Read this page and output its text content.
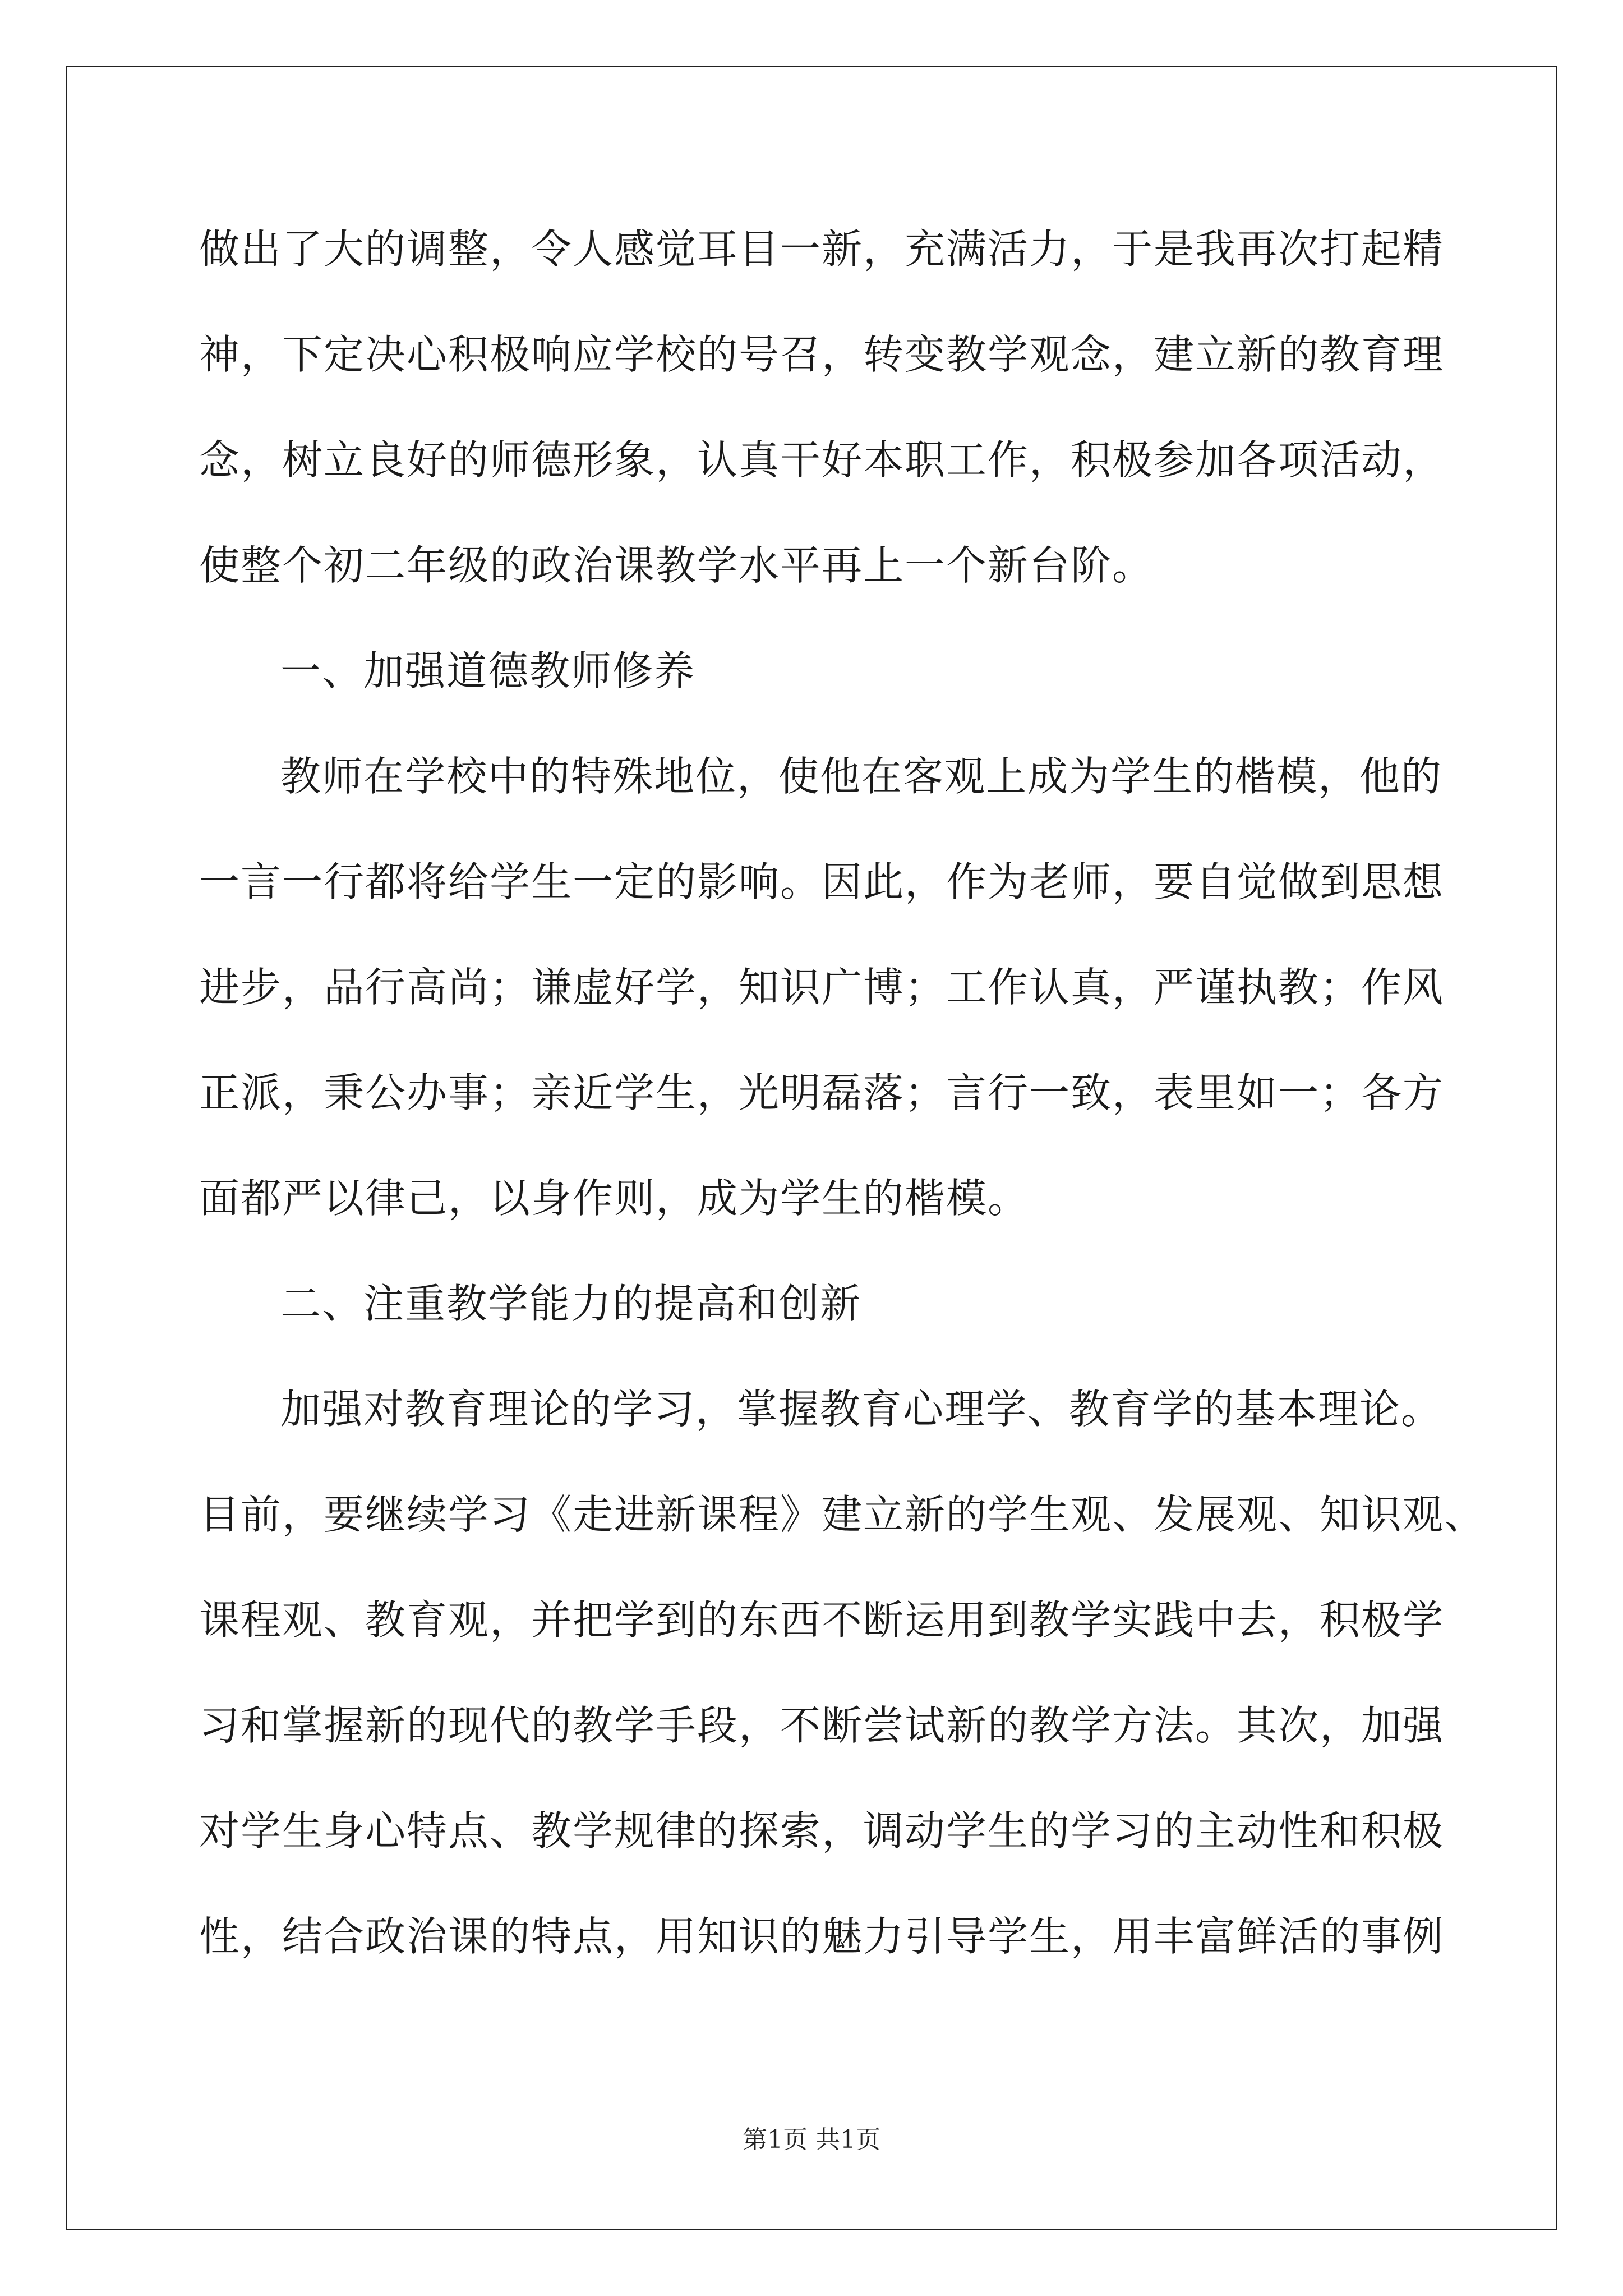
做出了大的调整，令人感觉耳目一新，充满活力，于是我再次打起精
神，下定决心积极响应学校的号召，转变教学观念，建立新的教育理
念，树立良好的师德形象，认真干好本职工作，积极参加各项活动，
使整个初二年级的政治课教学水平再上一个新台阶。
一、加强道德教师修养
教师在学校中的特殊地位，使他在客观上成为学生的楷模，他的
一言一行都将给学生一定的影响。因此，作为老师，要自觉做到思想
进步，品行高尚；谦虚好学，知识广博；工作认真，严谨执教；作风
正派，秉公办事；亲近学生，光明磊落；言行一致，表里如一；各方
面都严以律己，以身作则，成为学生的楷模。
二、注重教学能力的提高和创新
加强对教育理论的学习，掌握教育心理学、教育学的基本理论。
目前，要继续学习《走进新课程》建立新的学生观、发展观、知识观、
课程观、教育观，并把学到的东西不断运用到教学实践中去，积极学
习和掌握新的现代的教学手段，不断尝试新的教学方法。其次，加强
对学生身心特点、教学规律的探索，调动学生的学习的主动性和积极
性，结合政治课的特点，用知识的魅力引导学生，用丰富鲜活的事例
第1页 共1页
